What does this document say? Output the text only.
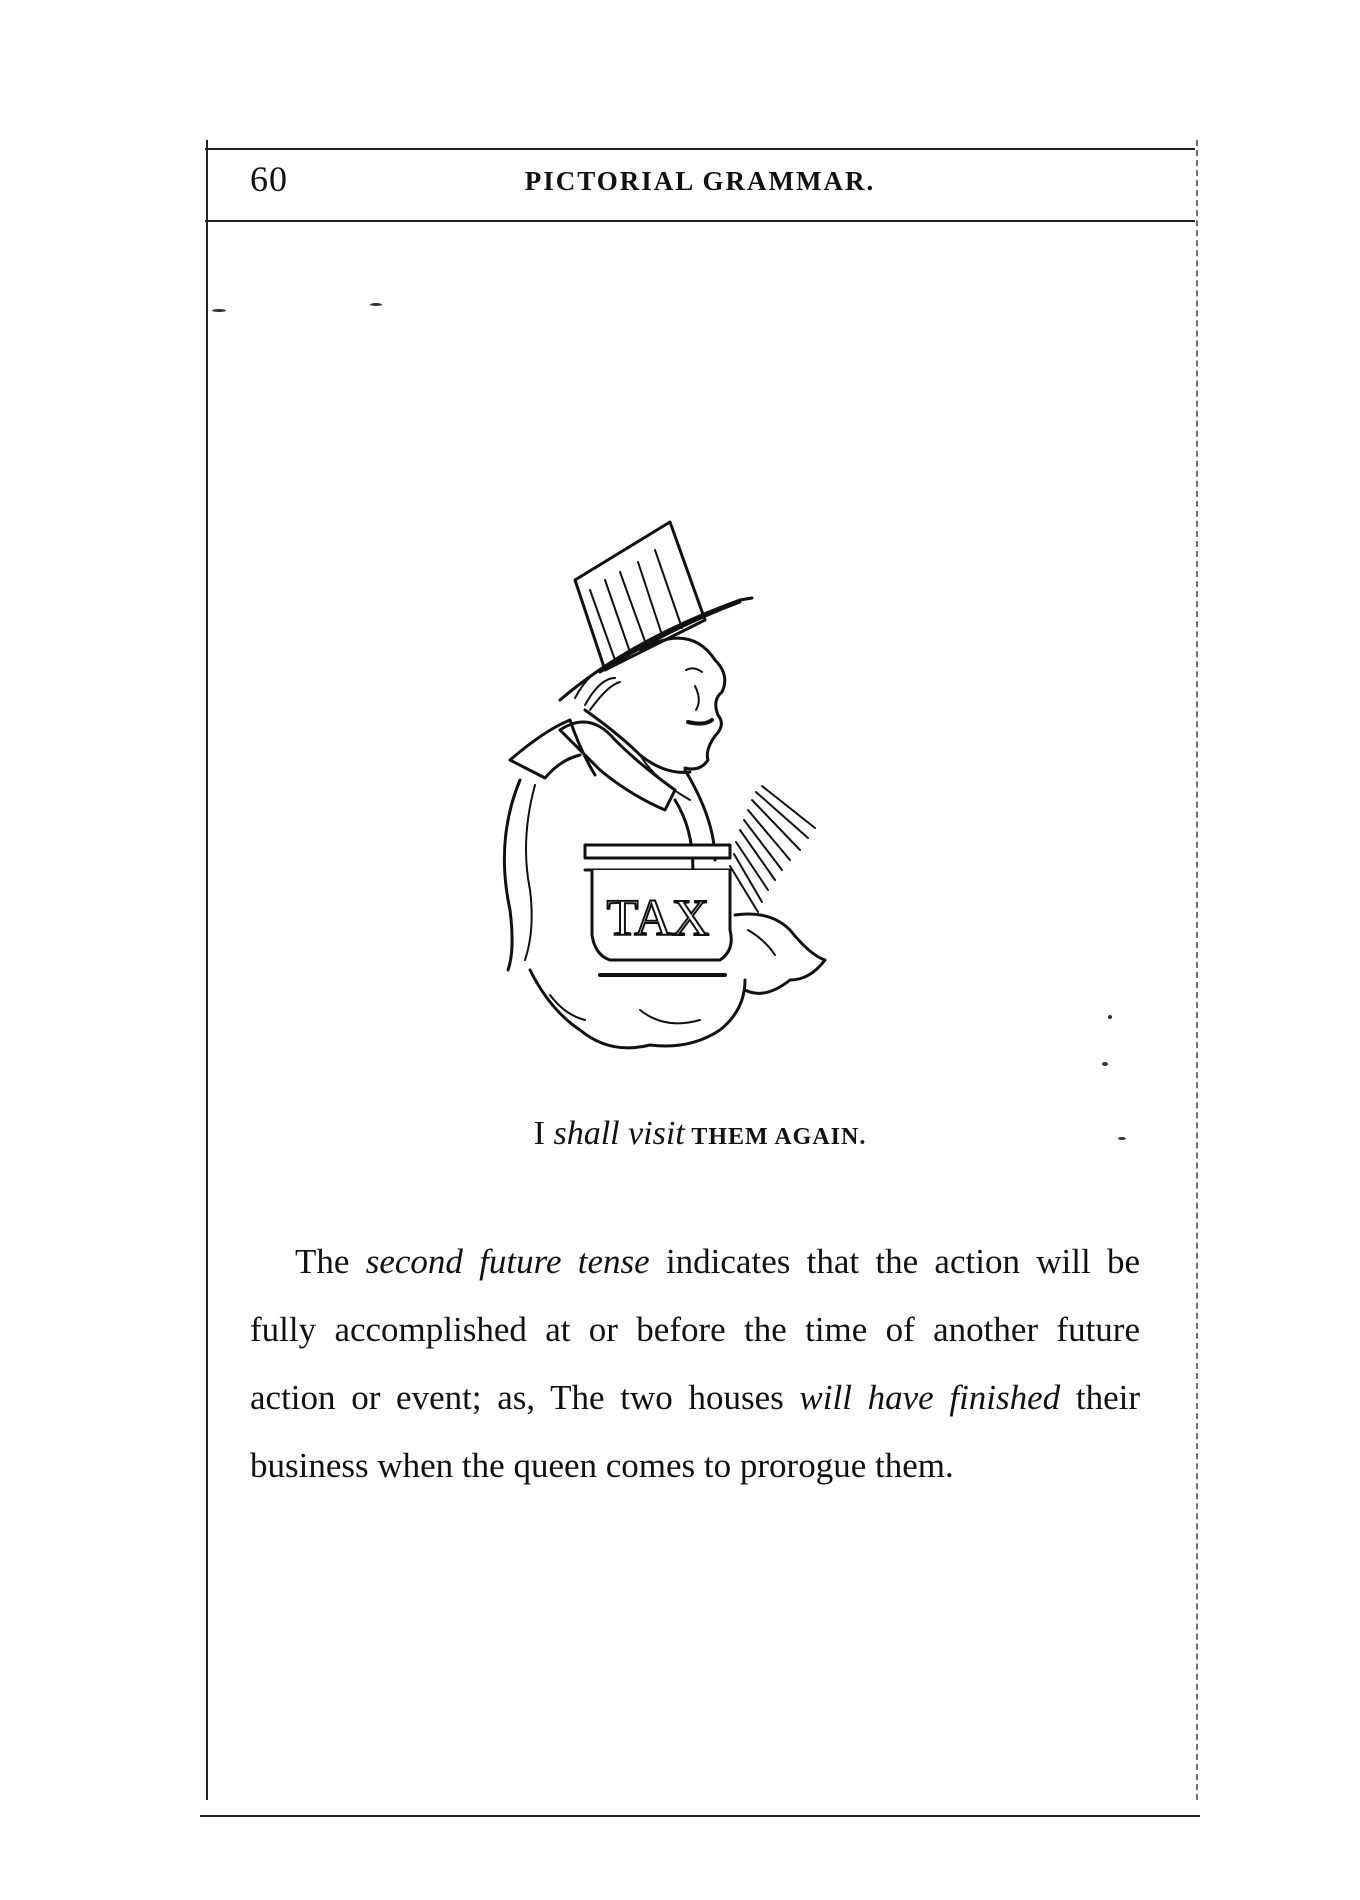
60	PICTORIAL GRAMMAR.
TAX
I shall visit THEM AGAIN.
The second future tense indicates that the action will be fully accomplished at or before the time of another future action or event; as, The two houses will have finished their business when the queen comes to prorogue them.
